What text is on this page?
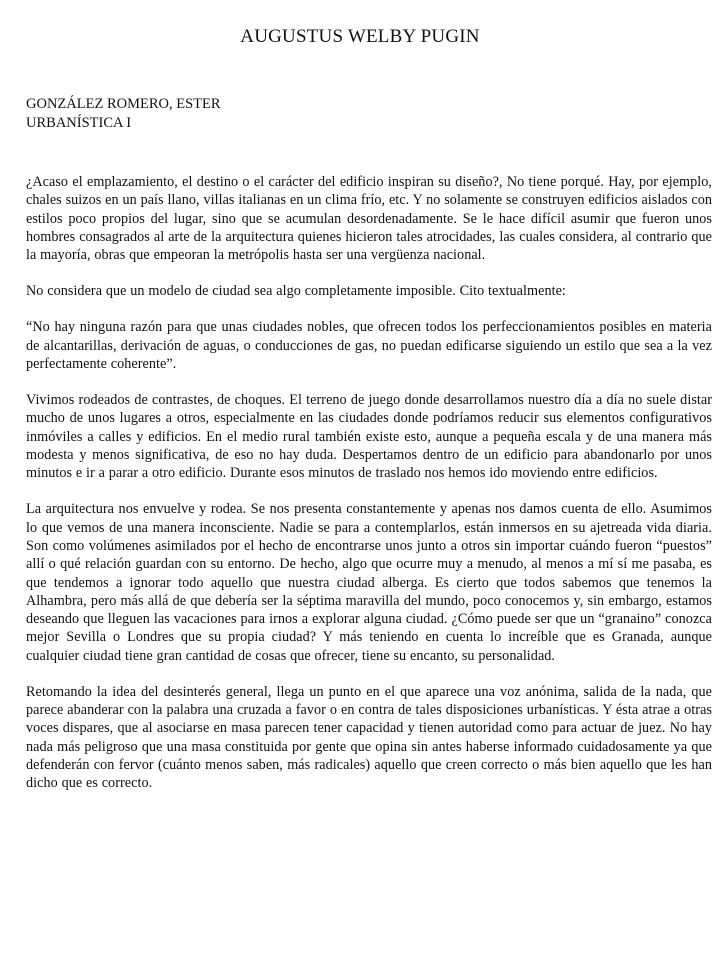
AUGUSTUS WELBY PUGIN
GONZÁLEZ ROMERO, ESTER
URBANÍSTICA I

¿Acaso el emplazamiento, el destino o el carácter del edificio inspiran su diseño?, No tiene porqué. Hay, por ejemplo, chales suizos en un país llano, villas italianas en un clima frío, etc. Y no solamente se construyen edificios aislados con estilos poco propios del lugar, sino que se acumulan desordenadamente. Se le hace difícil asumir que fueron unos hombres consagrados al arte de la arquitectura quienes hicieron tales atrocidades, las cuales considera, al contrario que la mayoría, obras que empeoran la metrópolis hasta ser una vergüenza nacional.

No considera que un modelo de ciudad sea algo completamente imposible. Cito textualmente:

“No hay ninguna razón para que unas ciudades nobles, que ofrecen todos los perfeccionamientos posibles en materia de alcantarillas, derivación de aguas, o conducciones de gas, no puedan edificarse siguiendo un estilo que sea a la vez perfectamente coherente”.

Vivimos rodeados de contrastes, de choques. El terreno de juego donde desarrollamos nuestro día a día no suele distar mucho de unos lugares a otros, especialmente en las ciudades donde podríamos reducir sus elementos configurativos inmóviles a calles y edificios. En el medio rural también existe esto, aunque a pequeña escala y de una manera más modesta y menos significativa, de eso no hay duda. Despertamos dentro de un edificio para abandonarlo por unos minutos e ir a parar a otro edificio. Durante esos minutos de traslado nos hemos ido moviendo entre edificios.

La arquitectura nos envuelve y rodea. Se nos presenta constantemente y apenas nos damos cuenta de ello. Asumimos lo que vemos de una manera inconsciente. Nadie se para a contemplarlos, están inmersos en su ajetreada vida diaria. Son como volúmenes asimilados por el hecho de encontrarse unos junto a otros sin importar cuándo fueron “puestos” allí o qué relación guardan con su entorno. De hecho, algo que ocurre muy a menudo, al menos a mí sí me pasaba, es que tendemos a ignorar todo aquello que nuestra ciudad alberga. Es cierto que todos sabemos que tenemos la Alhambra, pero más allá de que debería ser la séptima maravilla del mundo, poco conocemos y, sin embargo, estamos deseando que lleguen las vacaciones para irnos a explorar alguna ciudad. ¿Cómo puede ser que un “granaino” conozca mejor Sevilla o Londres que su propia ciudad? Y más teniendo en cuenta lo increíble que es Granada, aunque cualquier ciudad tiene gran cantidad de cosas que ofrecer, tiene su encanto, su personalidad.

Retomando la idea del desinterés general, llega un punto en el que aparece una voz anónima, salida de la nada, que parece abanderar con la palabra una cruzada a favor o en contra de tales disposiciones urbanísticas. Y ésta atrae a otras voces dispares, que al asociarse en masa parecen tener capacidad y tienen autoridad como para actuar de juez. No hay nada más peligroso que una masa constituida por gente que opina sin antes haberse informado cuidadosamente ya que defenderán con fervor (cuánto menos saben, más radicales) aquello que creen correcto o más bien aquello que les han dicho que es correcto.
